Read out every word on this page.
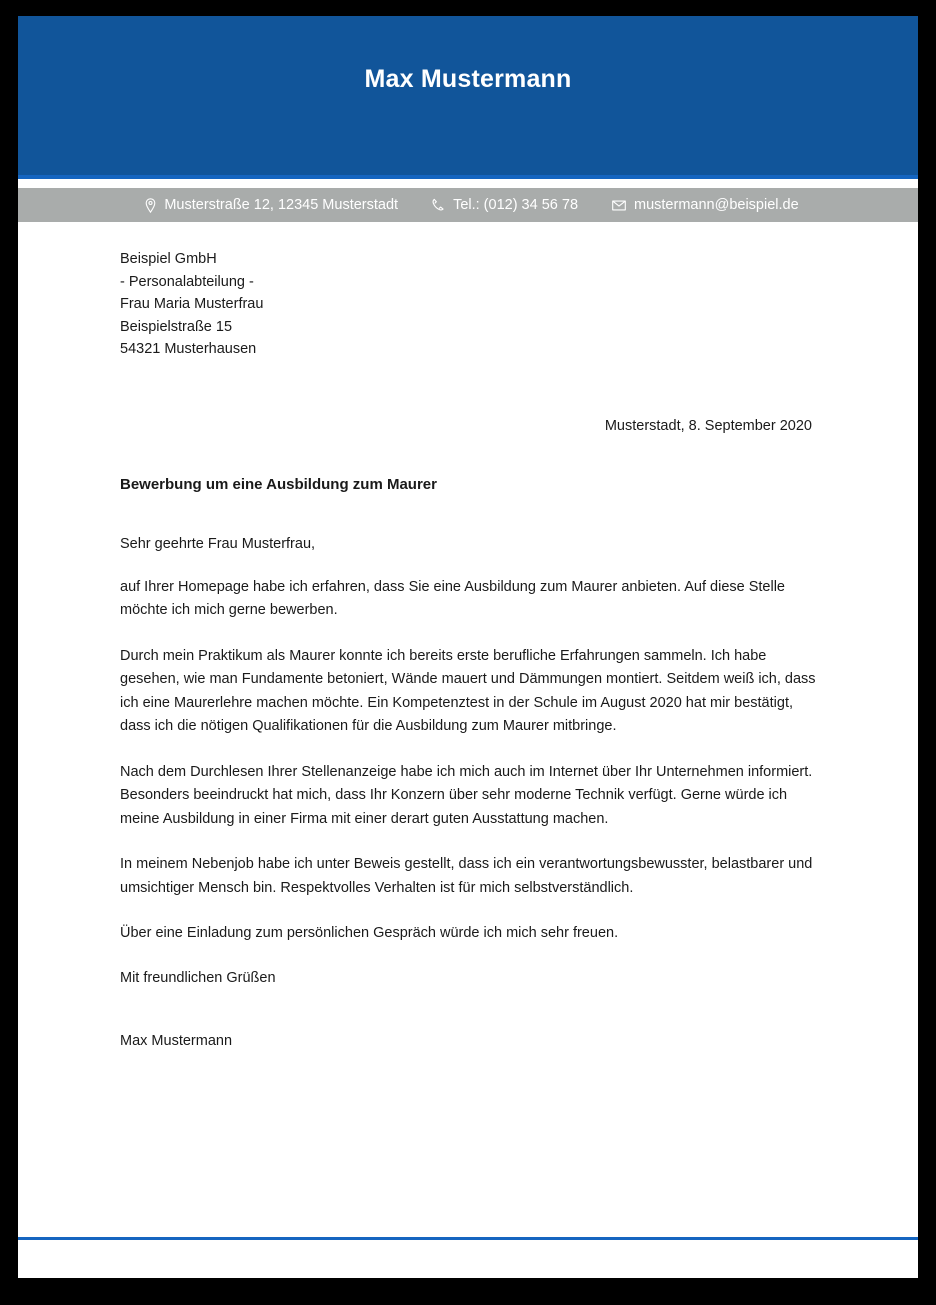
Max Mustermann
Musterstraße 12, 12345 Musterstadt	Tel.: (012) 34 56 78	mustermann@beispiel.de
Beispiel GmbH
- Personalabteilung -
Frau Maria Musterfrau
Beispielstraße 15
54321 Musterhausen
Musterstadt, 8. September 2020
Bewerbung um eine Ausbildung zum Maurer
Sehr geehrte Frau Musterfrau,
auf Ihrer Homepage habe ich erfahren, dass Sie eine Ausbildung zum Maurer anbieten. Auf diese Stelle möchte ich mich gerne bewerben.
Durch mein Praktikum als Maurer konnte ich bereits erste berufliche Erfahrungen sammeln. Ich habe gesehen, wie man Fundamente betoniert, Wände mauert und Dämmungen montiert. Seitdem weiß ich, dass ich eine Maurerlehre machen möchte. Ein Kompetenztest in der Schule im August 2020 hat mir bestätigt, dass ich die nötigen Qualifikationen für die Ausbildung zum Maurer mitbringe.
Nach dem Durchlesen Ihrer Stellenanzeige habe ich mich auch im Internet über Ihr Unternehmen informiert. Besonders beeindruckt hat mich, dass Ihr Konzern über sehr moderne Technik verfügt. Gerne würde ich meine Ausbildung in einer Firma mit einer derart guten Ausstattung machen.
In meinem Nebenjob habe ich unter Beweis gestellt, dass ich ein verantwortungsbewusster, belastbarer und umsichtiger Mensch bin. Respektvolles Verhalten ist für mich selbstverständlich.
Über eine Einladung zum persönlichen Gespräch würde ich mich sehr freuen.
Mit freundlichen Grüßen
Max Mustermann
